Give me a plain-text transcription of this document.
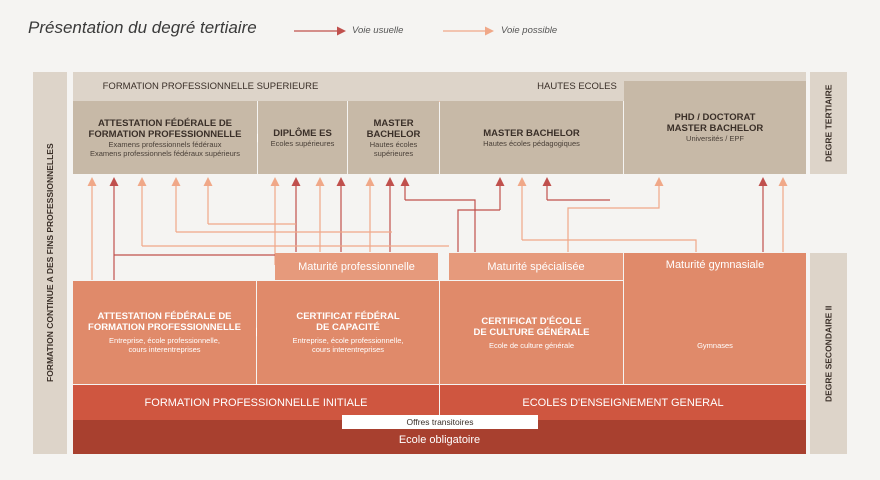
Présentation du degré tertiaire	Voie usuelle	Voie possible
FORMATION CONTINUE A DES FINS PROFESSIONNELLES
DEGRE TERTIAIRE
DEGRE SECONDAIRE II
FORMATION PROFESSIONNELLE SUPERIEURE	HAUTES ECOLES
ATTESTATION FÉDÉRALE DE
FORMATION PROFESSIONNELLE
Examens professionnels fédéraux
Examens professionnels fédéraux supérieurs
DIPLÔME ES
Ecoles supérieures
MASTER
BACHELOR
Hautes écoles
supérieures
MASTER BACHELOR
Hautes écoles pédagogiques
PHD / DOCTORAT
MASTER BACHELOR
Universités / EPF
Maturité professionnelle	Maturité spécialisée
ATTESTATION FÉDÉRALE DE
FORMATION PROFESSIONNELLE
Entreprise, école professionnelle,
cours interentreprises
CERTIFICAT FÉDÉRAL
DE CAPACITÉ
Entreprise, école professionnelle,
cours interentreprises
CERTIFICAT D'ÉCOLE
DE CULTURE GÉNÉRALE
Ecole de culture générale
Maturité gymnasiale
Gymnases
FORMATION PROFESSIONNELLE INITIALE	ECOLES D'ENSEIGNEMENT GENERAL
Ecole obligatoire
Offres transitoires
